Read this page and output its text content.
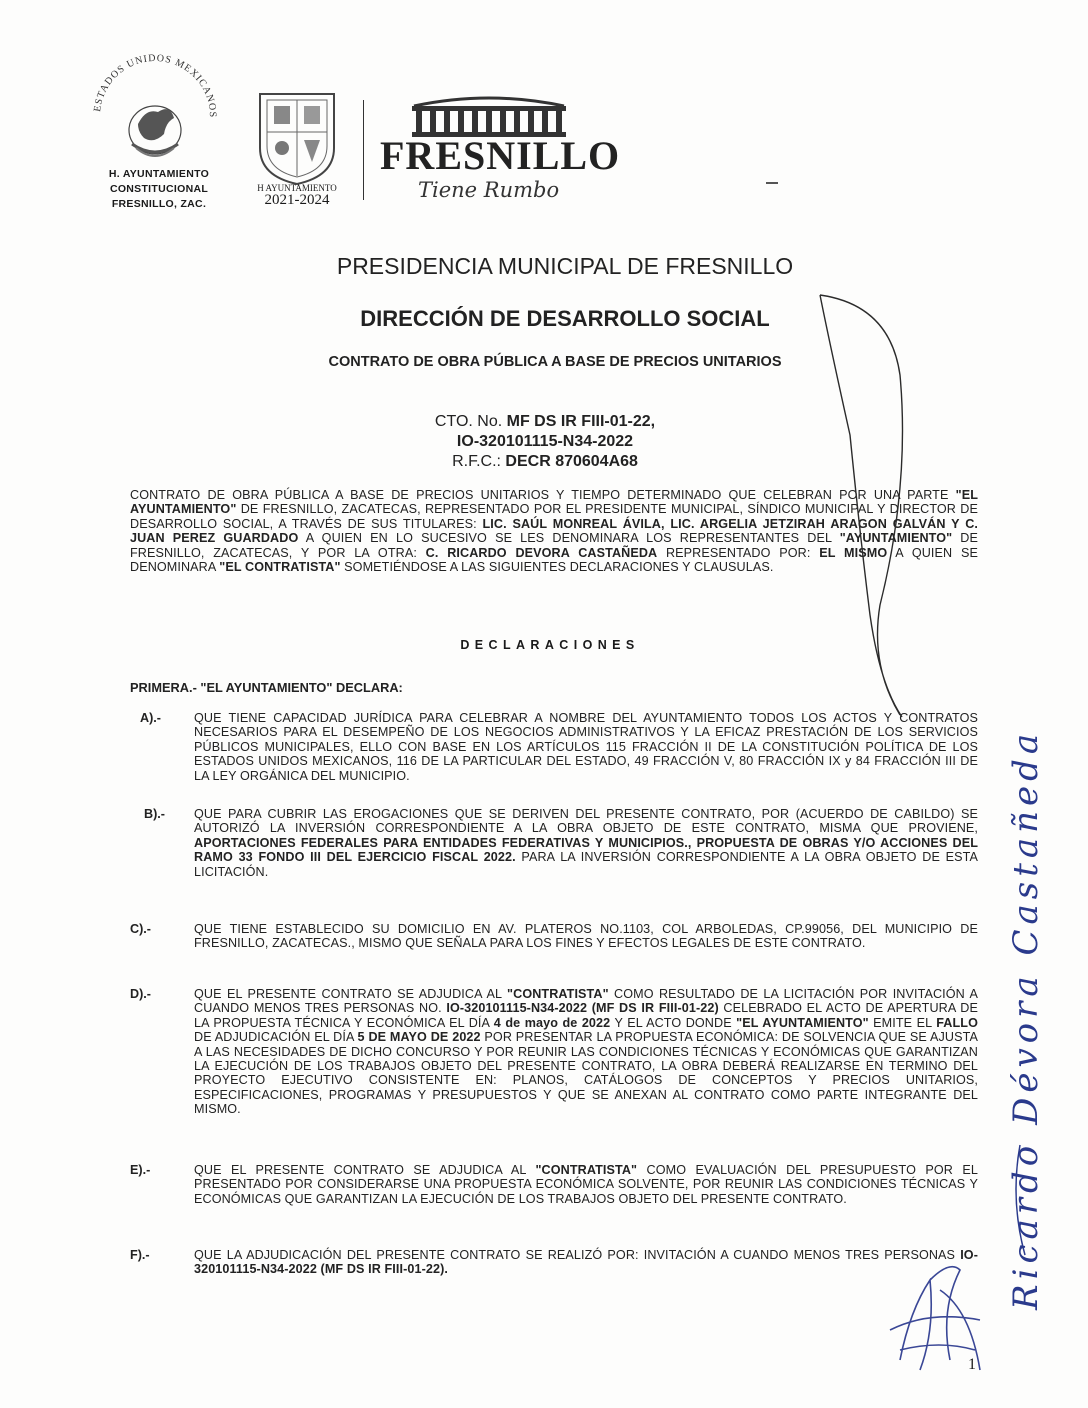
ESTADOS UNIDOS MEXICANOS
H. AYUNTAMIENTO
CONSTITUCIONAL
FRESNILLO, ZAC.
H AYUNTAMIENTO
2021-2024
FRESNILLO
Tiene Rumbo
PRESIDENCIA MUNICIPAL DE FRESNILLO
DIRECCIÓN DE DESARROLLO SOCIAL
CONTRATO DE OBRA PÚBLICA A BASE DE PRECIOS UNITARIOS
CTO. No. MF DS IR FIII-01-22,
IO-320101115-N34-2022
R.F.C.: DECR 870604A68
CONTRATO DE OBRA PÚBLICA A BASE DE PRECIOS UNITARIOS Y TIEMPO DETERMINADO QUE CELEBRAN POR UNA PARTE "EL AYUNTAMIENTO" DE FRESNILLO, ZACATECAS, REPRESENTADO POR EL PRESIDENTE MUNICIPAL, SÍNDICO MUNICIPAL Y DIRECTOR DE DESARROLLO SOCIAL, A TRAVÉS DE SUS TITULARES: LIC. SAÚL MONREAL ÁVILA, LIC. ARGELIA JETZIRAH ARAGON GALVÁN Y C. JUAN PEREZ GUARDADO A QUIEN EN LO SUCESIVO SE LES DENOMINARA LOS REPRESENTANTES DEL "AYUNTAMIENTO" DE FRESNILLO, ZACATECAS, Y POR LA OTRA: C. RICARDO DEVORA CASTAÑEDA REPRESENTADO POR: EL MISMO A QUIEN SE DENOMINARA "EL CONTRATISTA" SOMETIÉNDOSE A LAS SIGUIENTES DECLARACIONES Y CLAUSULAS.
DECLARACIONES
PRIMERA.- "EL AYUNTAMIENTO" DECLARA:
A).-	QUE TIENE CAPACIDAD JURÍDICA PARA CELEBRAR A NOMBRE DEL AYUNTAMIENTO TODOS LOS ACTOS Y CONTRATOS NECESARIOS PARA EL DESEMPEÑO DE LOS NEGOCIOS ADMINISTRATIVOS Y LA EFICAZ PRESTACIÓN DE LOS SERVICIOS PÚBLICOS MUNICIPALES, ELLO CON BASE EN LOS ARTÍCULOS 115 FRACCIÓN II DE LA CONSTITUCIÓN POLÍTICA DE LOS ESTADOS UNIDOS MEXICANOS, 116 DE LA PARTICULAR DEL ESTADO, 49 FRACCIÓN V, 80 FRACCIÓN IX y 84 FRACCIÓN III DE LA LEY ORGÁNICA DEL MUNICIPIO.
B).- QUE PARA CUBRIR LAS EROGACIONES QUE SE DERIVEN DEL PRESENTE CONTRATO, POR (ACUERDO DE CABILDO) SE AUTORIZÓ LA INVERSIÓN CORRESPONDIENTE A LA OBRA OBJETO DE ESTE CONTRATO, MISMA QUE PROVIENE, APORTACIONES FEDERALES PARA ENTIDADES FEDERATIVAS Y MUNICIPIOS., PROPUESTA DE OBRAS Y/O ACCIONES DEL RAMO 33 FONDO III DEL EJERCICIO FISCAL 2022. PARA LA INVERSIÓN CORRESPONDIENTE A LA OBRA OBJETO DE ESTA LICITACIÓN.
C).-	QUE TIENE ESTABLECIDO SU DOMICILIO EN AV. PLATEROS NO.1103, COL ARBOLEDAS, CP.99056, DEL MUNICIPIO DE FRESNILLO, ZACATECAS., MISMO QUE SEÑALA PARA LOS FINES Y EFECTOS LEGALES DE ESTE CONTRATO.
D).-	QUE EL PRESENTE CONTRATO SE ADJUDICA AL "CONTRATISTA" COMO RESULTADO DE LA LICITACIÓN POR INVITACIÓN A CUANDO MENOS TRES PERSONAS NO. IO-320101115-N34-2022 (MF DS IR FIII-01-22) CELEBRADO EL ACTO DE APERTURA DE LA PROPUESTA TÉCNICA Y ECONÓMICA EL DÍA 4 de mayo de 2022 Y EL ACTO DONDE "EL AYUNTAMIENTO" EMITE EL FALLO DE ADJUDICACIÓN EL DÍA 5 DE MAYO DE 2022 POR PRESENTAR LA PROPUESTA ECONÓMICA: DE SOLVENCIA QUE SE AJUSTA A LAS NECESIDADES DE DICHO CONCURSO Y POR REUNIR LAS CONDICIONES TÉCNICAS Y ECONÓMICAS QUE GARANTIZAN LA EJECUCIÓN DE LOS TRABAJOS OBJETO DEL PRESENTE CONTRATO, LA OBRA DEBERÁ REALIZARSE EN TERMINO DEL PROYECTO EJECUTIVO CONSISTENTE EN: PLANOS, CATÁLOGOS DE CONCEPTOS Y PRECIOS UNITARIOS, ESPECIFICACIONES, PROGRAMAS Y PRESUPUESTOS Y QUE SE ANEXAN AL CONTRATO COMO PARTE INTEGRANTE DEL MISMO.
E).-	QUE EL PRESENTE CONTRATO SE ADJUDICA AL "CONTRATISTA" COMO EVALUACIÓN DEL PRESUPUESTO POR EL PRESENTADO POR CONSIDERARSE UNA PROPUESTA ECONÓMICA SOLVENTE, POR REUNIR LAS CONDICIONES TÉCNICAS Y ECONÓMICAS QUE GARANTIZAN LA EJECUCIÓN DE LOS TRABAJOS OBJETO DEL PRESENTE CONTRATO.
F).-	QUE LA ADJUDICACIÓN DEL PRESENTE CONTRATO SE REALIZÓ POR: INVITACIÓN A CUANDO MENOS TRES PERSONAS IO-320101115-N34-2022 (MF DS IR FIII-01-22).
1
Ricardo Dévora Castañeda
